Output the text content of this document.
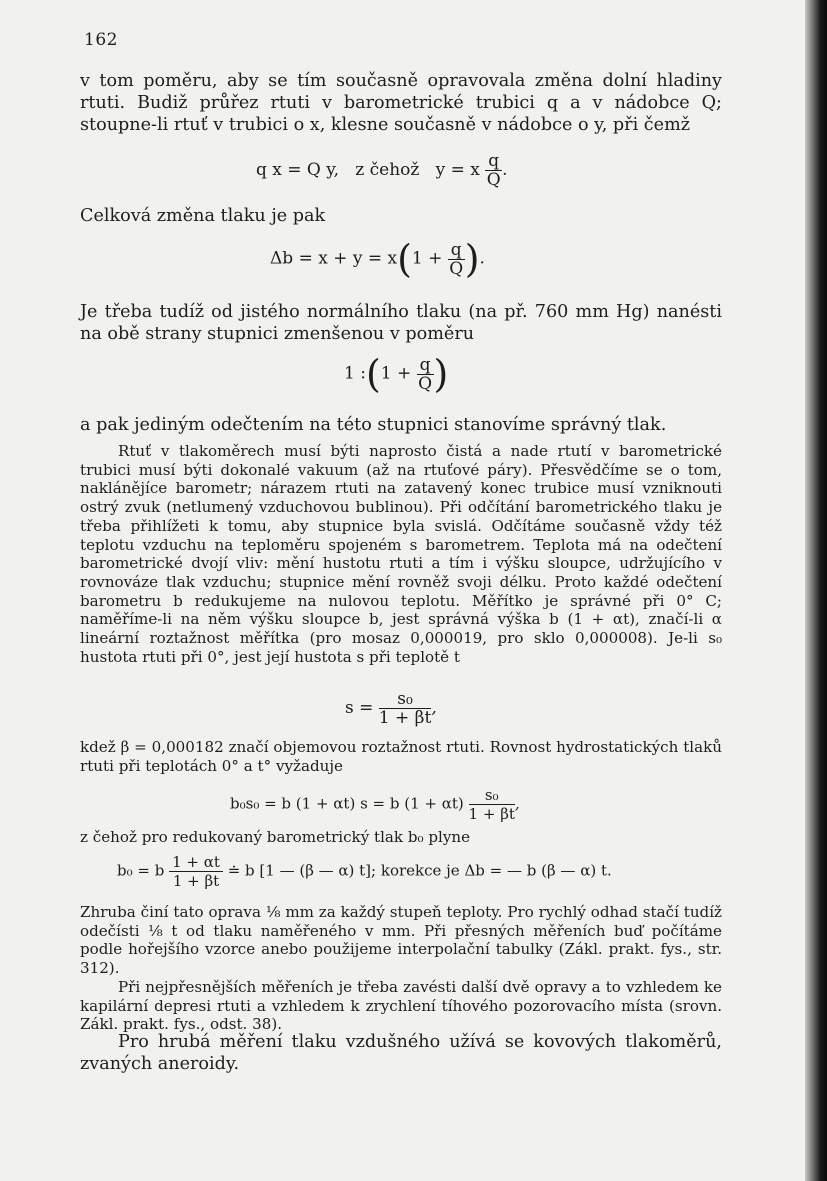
162
v tom poměru, aby se tím současně opravovala změna dolní hladiny rtuti. Budiž průřez rtuti v barometrické trubici q a v nádobce Q; stoupne-li rtuť v trubici o x, klesne současně v nádobce o y, při čemž
q x = Q y, z čehož y = x $\frac{q}{Q}$ .
Celková změna tlaku je pak
$\Delta b = x + y = x(1 + \frac{q}{Q}$ ).
Je třeba tudíž od jistého normálního tlaku (na př. 760 mm Hg) nanésti na obě strany stupnici zmenšenou v poměru
1 :(1 + $\frac{q}{Q}$ )
a pak jediným odečtením na této stupnici stanovíme správný tlak.
Rtuť v tlakoměrech musí býti naprosto čistá a nade rtutí v barometrické trubici musí býti dokonalé vakuum (až na rtuťové páry). Přesvědčíme se o tom, naklánějíce barometr; nárazem rtuti na zatavený konec trubice musí vzniknouti ostrý zvuk (netlumený vzduchovou bublinou). Při odčítání barometrického tlaku je třeba přihlížeti k tomu, aby stupnice byla svislá. Odčítáme současně vždy též teplotu vzduchu na teploměru spojeném s barometrem. Teplota má na odečtení barometrické dvojí vliv: mění hustotu rtuti a tím i výšku sloupce, udržujícího v rovnováze tlak vzduchu; stupnice mění rovněž svoji délku. Proto každé odečtení barometru b redukujeme na nulovou teplotu. Měřítko je správné při 0° C; naměříme-li na něm výšku sloupce b, jest správná výška b (1 + αt), značí-li α lineární roztažnost měřítka (pro mosaz 0,000019, pro sklo 0,000008). Je-li s₀ hustota rtuti při 0°, jest její hustota s při teplotě t
$s = \frac{\text{s₀}}{1 + \beta t}$ ,
kdež β = 0,000182 značí objemovou roztažnost rtuti. Rovnost hydrostatických tlaků rtuti při teplotách 0° a t° vyžaduje
b₀s₀ = b (1 + αt) s = b $(1 + \alpha t) \frac{\text{s₀}}{1 + \beta t}$ ,
z čehož pro redukovaný barometrický tlak b₀ plyne
b₀ = b $\frac{1 + \alpha t}{1 + \beta t}$ ≐ b [1 — (β — α) t]; korekce je Δb = — b (β — α) t.
Zhruba činí tato oprava ⅛ mm za každý stupeň teploty. Pro rychlý odhad stačí tudíž odečísti ⅛ t od tlaku naměřeného v mm. Při přesných měřeních buď počítáme podle hořejšího vzorce anebo použijeme interpolační tabulky (Zákl. prakt. fys., str. 312).
Při nejpřesnějších měřeních je třeba zavésti další dvě opravy a to vzhledem ke kapilární depresi rtuti a vzhledem k zrychlení tíhového pozorovacího místa (srovn. Zákl. prakt. fys., odst. 38).
Pro hrubá měření tlaku vzdušného užívá se kovových tlakoměrů, zvaných aneroidy.
